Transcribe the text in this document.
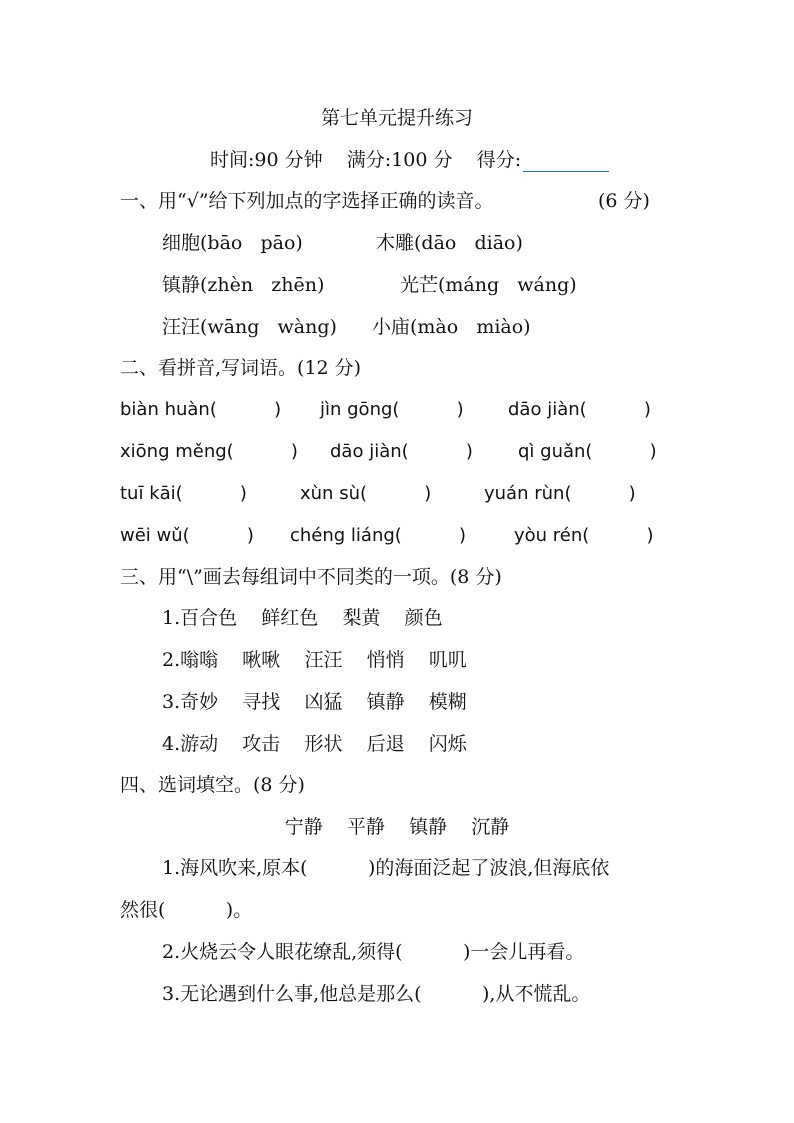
第七单元提升练习
时间:90 分钟 满分:100 分 得分:
一、用“√”给下列加点的字选择正确的读音。	(6 分)
细胞(bāo   pāo)	木雕(dāo   diāo)
镇静(zhèn   zhēn)	光芒(máng   wáng)
汪汪(wāng   wàng) 小庙(mào   miào)
二、看拼音,写词语。(12 分)
biàn huàn(          ) jìn gōng(          ) dāo jiàn(          )
xiōng měng(          ) dāo jiàn(          )	qì guǎn(          )
tuī kāi(          )	xùn sù(          )	yuán rùn(          )
wēi wǔ(          ) chéng liáng(          )	yòu rén(          )
三、用“\”画去每组词中不同类的一项。(8 分)
1.百合色    鲜红色    梨黄    颜色
2.嗡嗡    啾啾    汪汪    悄悄    叽叽
3.奇妙    寻找    凶猛    镇静    模糊
4.游动    攻击    形状    后退    闪烁
四、选词填空。(8 分)
宁静    平静    镇静    沉静
1.海风吹来,原本(          )的海面泛起了波浪,但海底依
然很(          )。
2.火烧云令人眼花缭乱,须得(          )一会儿再看。
3.无论遇到什么事,他总是那么(          ),从不慌乱。
